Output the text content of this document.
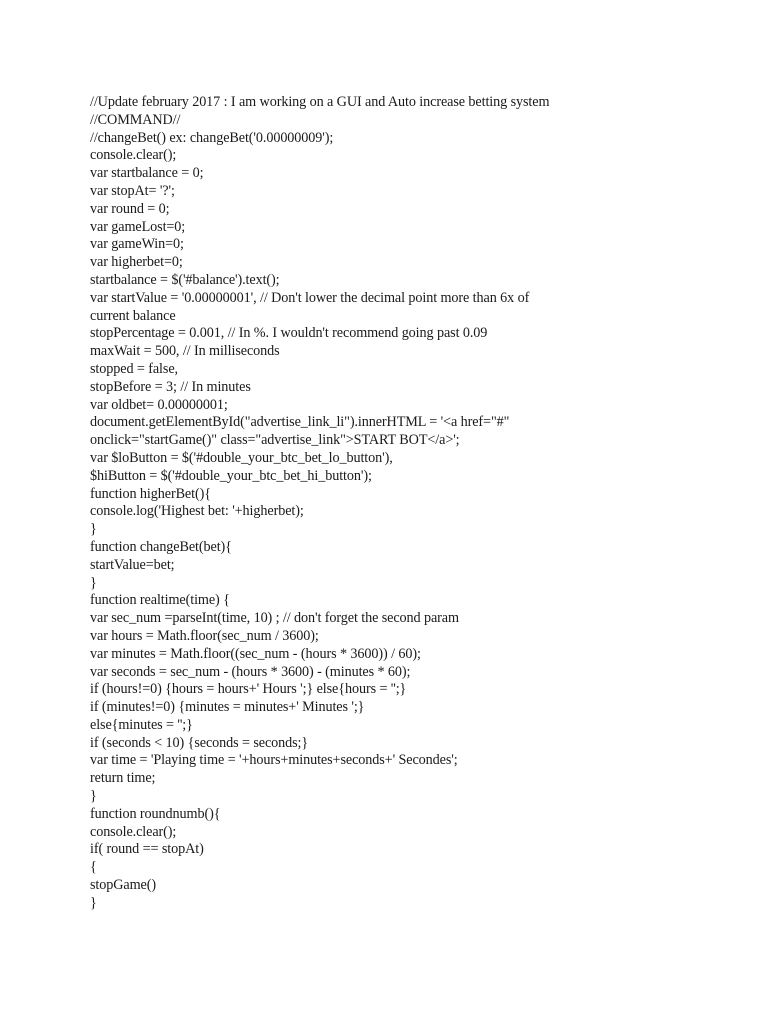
//Update february 2017 : I am working on a GUI and Auto increase betting system
//COMMAND//
//changeBet() ex: changeBet('0.00000009');
console.clear();
var startbalance = 0;
var stopAt= '?';
var round = 0;
var gameLost=0;
var gameWin=0;
var higherbet=0;
startbalance = $('#balance').text();
var startValue = '0.00000001', // Don't lower the decimal point more than 6x of
current balance
stopPercentage = 0.001, // In %. I wouldn't recommend going past 0.09
maxWait = 500, // In milliseconds
stopped = false,
stopBefore = 3; // In minutes
var oldbet= 0.00000001;
document.getElementById("advertise_link_li").innerHTML = '<a href="#"
onclick="startGame()" class="advertise_link">START BOT</a>';
var $loButton = $('#double_your_btc_bet_lo_button'),
$hiButton = $('#double_your_btc_bet_hi_button');
function higherBet(){
console.log('Highest bet: '+higherbet);
}
function changeBet(bet){
startValue=bet;
}
function realtime(time) {
var sec_num =parseInt(time, 10) ; // don't forget the second param
var hours = Math.floor(sec_num / 3600);
var minutes = Math.floor((sec_num - (hours * 3600)) / 60);
var seconds = sec_num - (hours * 3600) - (minutes * 60);
if (hours!=0) {hours = hours+' Hours ';} else{hours = '';}
if (minutes!=0) {minutes = minutes+' Minutes ';}
else{minutes = '';}
if (seconds < 10) {seconds = seconds;}
var time = 'Playing time = '+hours+minutes+seconds+' Secondes';
return time;
}
function roundnumb(){
console.clear();
if( round == stopAt)
{
stopGame()
}
